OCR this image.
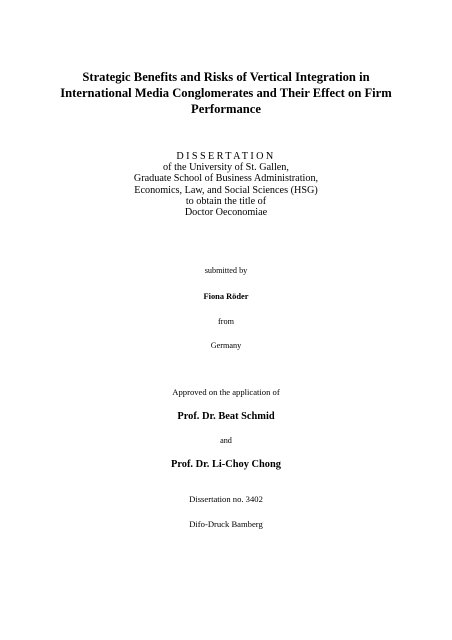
Strategic Benefits and Risks of Vertical Integration in
International Media Conglomerates and Their Effect on Firm
Performance
DISSERTATION
of the University of St. Gallen,
Graduate School of Business Administration,
Economics, Law, and Social Sciences (HSG)
to obtain the title of
Doctor Oeconomiae
submitted by
Fiona Röder
from
Germany
Approved on the application of
Prof. Dr. Beat Schmid
and
Prof. Dr. Li-Choy Chong
Dissertation no. 3402
Difo-Druck Bamberg
